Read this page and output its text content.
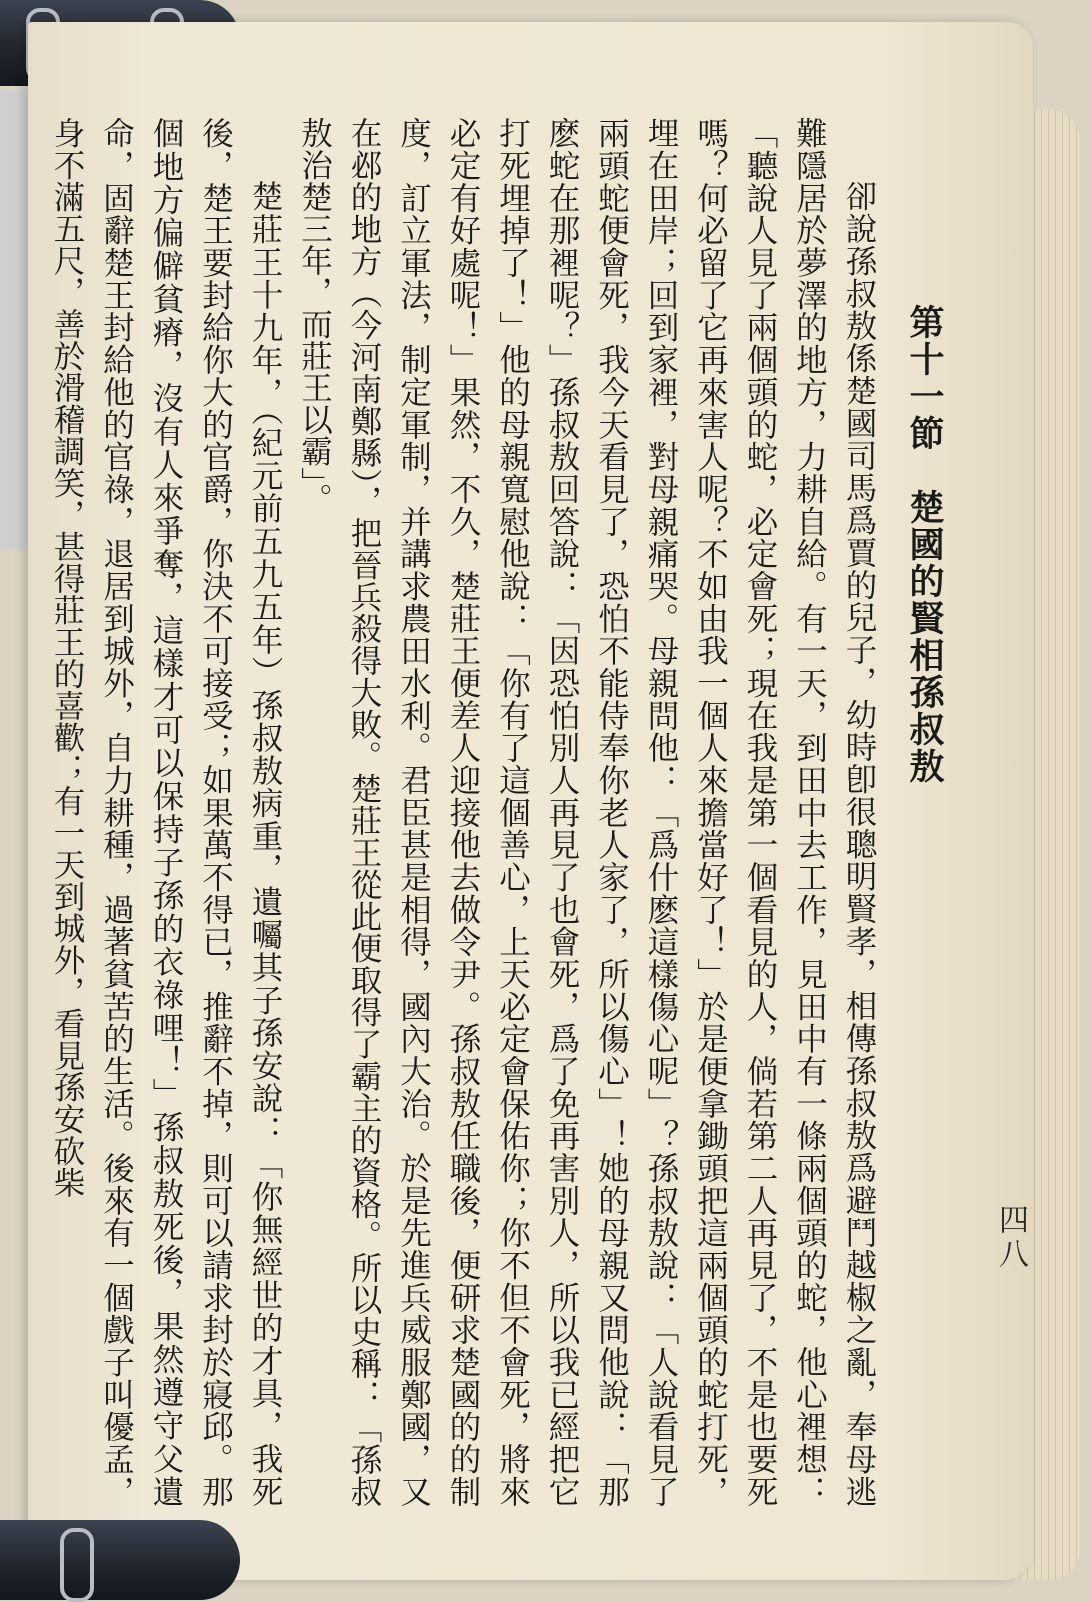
四八
第十一節　楚國的賢相孫叔敖

卻說孫叔敖係楚國司馬爲賈的兒子，幼時卽很聰明賢孝，相傳孫叔敖爲避鬥越椒之亂，奉母逃難隱居於夢澤的地方，力耕自給。有一天，到田中去工作，見田中有一條兩個頭的蛇，他心裡想：「聽說人見了兩個頭的蛇，必定會死；現在我是第一個看見的人，倘若第二人再見了，不是也要死嗎？何必留了它再來害人呢？不如由我一個人來擔當好了！」於是便拿鋤頭把這兩個頭的蛇打死，埋在田岸；回到家裡，對母親痛哭。母親問他：「爲什麽這樣傷心呢」？孫叔敖說：「人說看見了兩頭蛇便會死，我今天看見了，恐怕不能侍奉你老人家了，所以傷心」！她的母親又問他說：「那麽蛇在那裡呢？」孫叔敖回答說：「因恐怕別人再見了也會死，爲了免再害別人，所以我已經把它打死埋掉了！」他的母親寬慰他說：「你有了這個善心，上天必定會保佑你；你不但不會死，將來必定有好處呢！」果然，不久，楚莊王便差人迎接他去做令尹。孫叔敖任職後，便研求楚國的的制度，訂立軍法，制定軍制，并講求農田水利。君臣甚是相得，國內大治。於是先進兵威服鄭國，又在邲的地方（今河南鄭縣），把晉兵殺得大敗。楚莊王從此便取得了霸主的資格。所以史稱：「孫叔敖治楚三年，而莊王以霸」。

楚莊王十九年，（紀元前五九五年）孫叔敖病重，遺囑其子孫安說：「你無經世的才具，我死後，楚王要封給你大的官爵，你決不可接受；如果萬不得已，推辭不掉，則可以請求封於寢邱。那個地方偏僻貧瘠，沒有人來爭奪，這樣才可以保持子孫的衣祿哩！」孫叔敖死後，果然遵守父遺命，固辭楚王封給他的官祿，退居到城外，自力耕種，過著貧苦的生活。後來有一個戲子叫優孟，身不滿五尺，善於滑稽調笑，甚得莊王的喜歡；有一天到城外，看見孫安砍柴
